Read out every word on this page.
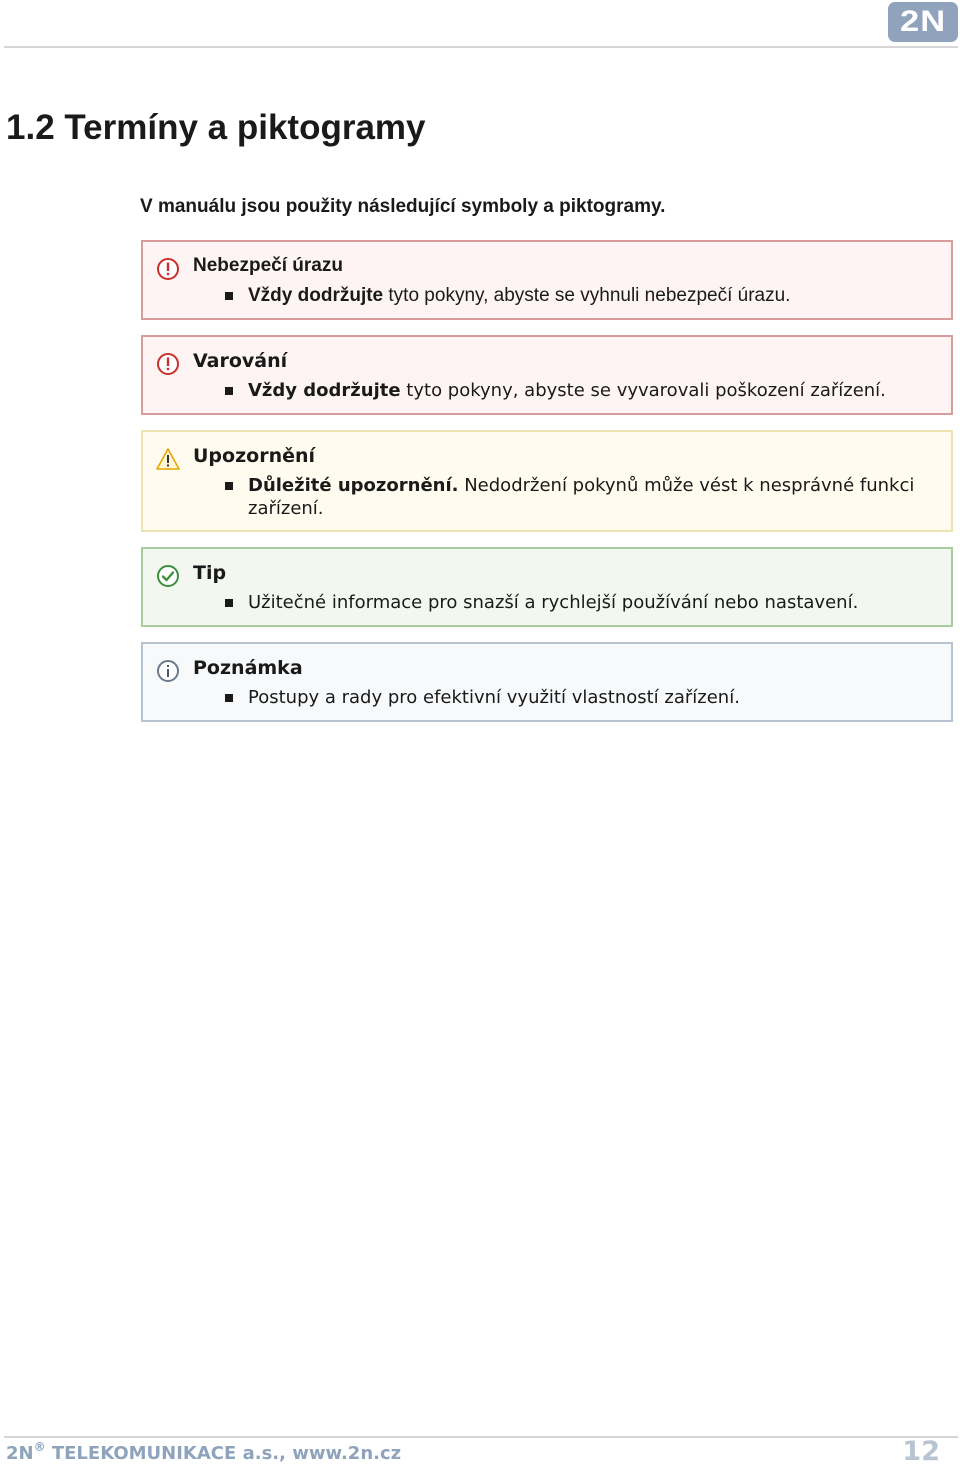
2N
1.2 Termíny a piktogramy

V manuálu jsou použity následující symboly a piktogramy.

Nebezpečí úrazu
Vždy dodržujte tyto pokyny, abyste se vyhnuli nebezpečí úrazu.
Varování
Vždy dodržujte tyto pokyny, abyste se vyvarovali poškození zařízení.
Upozornění
Důležité upozornění. Nedodržení pokynů může vést k nesprávné funkci zařízení.
Tip
Užitečné informace pro snazší a rychlejší používání nebo nastavení.
Poznámka
Postupy a rady pro efektivní využití vlastností zařízení.
2N® TELEKOMUNIKACE a.s., www.2n.cz	12
